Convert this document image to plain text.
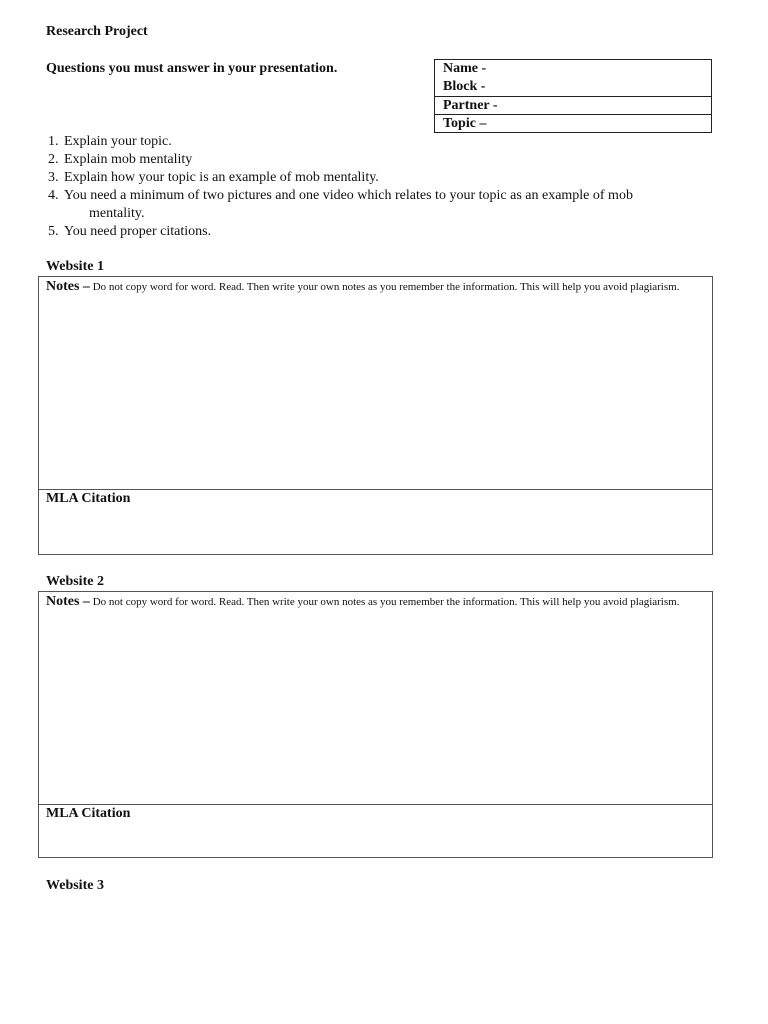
Research Project
Questions you must answer in your presentation.	Name -
Block -
Partner -
Topic –
1. Explain your topic.
2. Explain mob mentality
3. Explain how your topic is an example of mob mentality.
4. You need a minimum of two pictures and one video which relates to your topic as an example of mob
mentality.
5. You need proper citations.
Website 1
Notes – Do not copy word for word. Read. Then write your own notes as you remember the information. This will help you avoid plagiarism.
MLA Citation
Website 2
Notes – Do not copy word for word. Read. Then write your own notes as you remember the information. This will help you avoid plagiarism.
MLA Citation
Website 3
